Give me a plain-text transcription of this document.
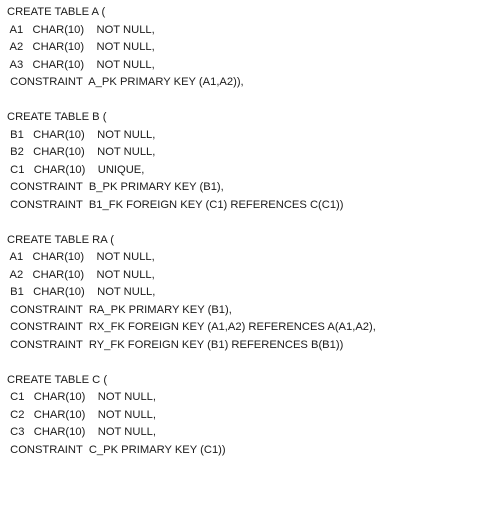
CREATE TABLE A (
A1   CHAR(10)    NOT NULL,
A2   CHAR(10)    NOT NULL,
A3   CHAR(10)    NOT NULL,
CONSTRAINT  A_PK PRIMARY KEY (A1,A2)),
CREATE TABLE B (
B1   CHAR(10)    NOT NULL,
B2   CHAR(10)    NOT NULL,
C1   CHAR(10)    UNIQUE,
CONSTRAINT  B_PK PRIMARY KEY (B1),
CONSTRAINT  B1_FK FOREIGN KEY (C1) REFERENCES C(C1))
CREATE TABLE RA (
A1   CHAR(10)    NOT NULL,
A2   CHAR(10)    NOT NULL,
B1   CHAR(10)    NOT NULL,
CONSTRAINT  RA_PK PRIMARY KEY (B1),
CONSTRAINT  RX_FK FOREIGN KEY (A1,A2) REFERENCES A(A1,A2),
CONSTRAINT  RY_FK FOREIGN KEY (B1) REFERENCES B(B1))
CREATE TABLE C (
C1   CHAR(10)    NOT NULL,
C2   CHAR(10)    NOT NULL,
C3   CHAR(10)    NOT NULL,
CONSTRAINT  C_PK PRIMARY KEY (C1))
